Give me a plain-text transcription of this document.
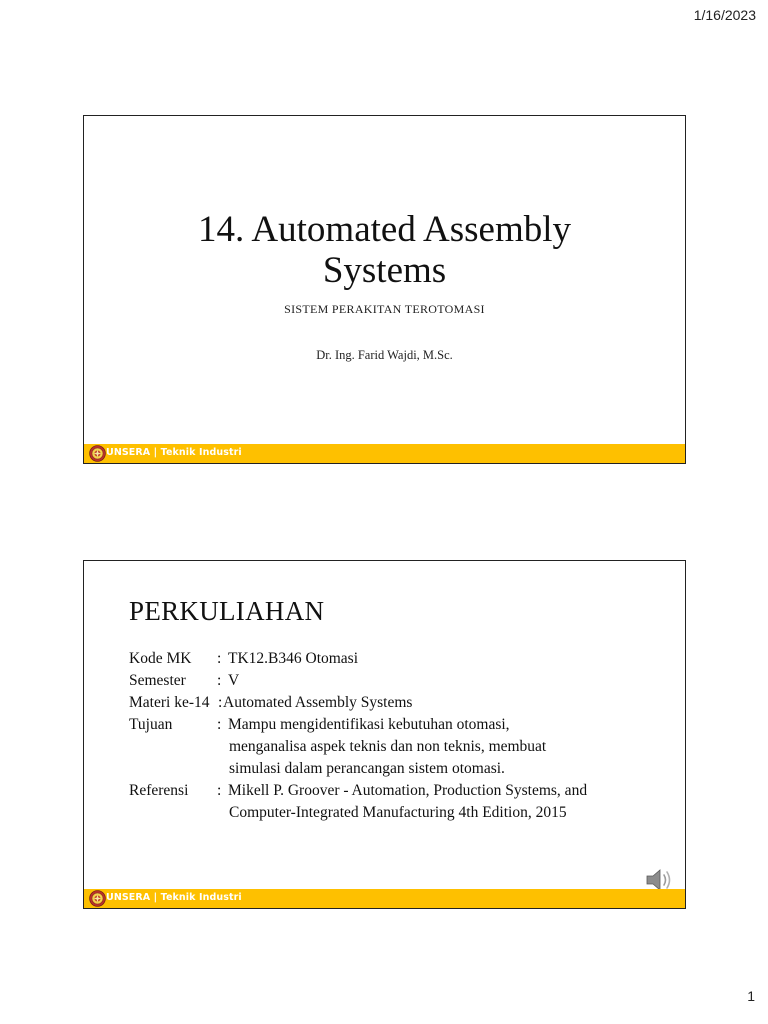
1/16/2023
14. Automated Assembly
Systems
SISTEM PERAKITAN TEROTOMASI
Dr. Ing. Farid Wajdi, M.Sc.
UNSERA | Teknik Industri
PERKULIAHAN
Kode MK : TK12.B346 Otomasi
Semester : V
Materi ke-14 : Automated Assembly Systems
Tujuan	: Mampu mengidentifikasi kebutuhan otomasi,
menganalisa aspek teknis dan non teknis, membuat
simulasi dalam perancangan sistem otomasi.
Referensi : Mikell P. Groover - Automation, Production Systems, and
Computer-Integrated Manufacturing 4th Edition, 2015
UNSERA | Teknik Industri
1
